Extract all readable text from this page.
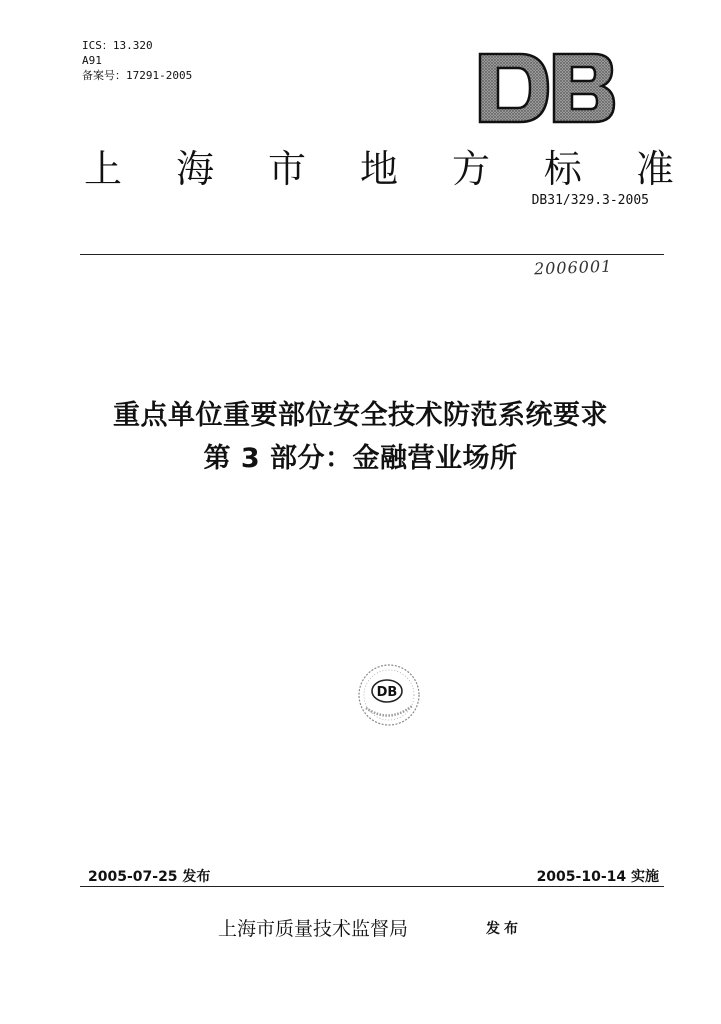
ICS：13.320
A91
备案号：17291-2005
上 海 市 地 方 标 准
DB31/329.3-2005
2006001
重点单位重要部位安全技术防范系统要求
第 3 部分：金融营业场所
DB
2005-07-25 发布	2005-10-14 实施
上海市质量技术监督局	发布
